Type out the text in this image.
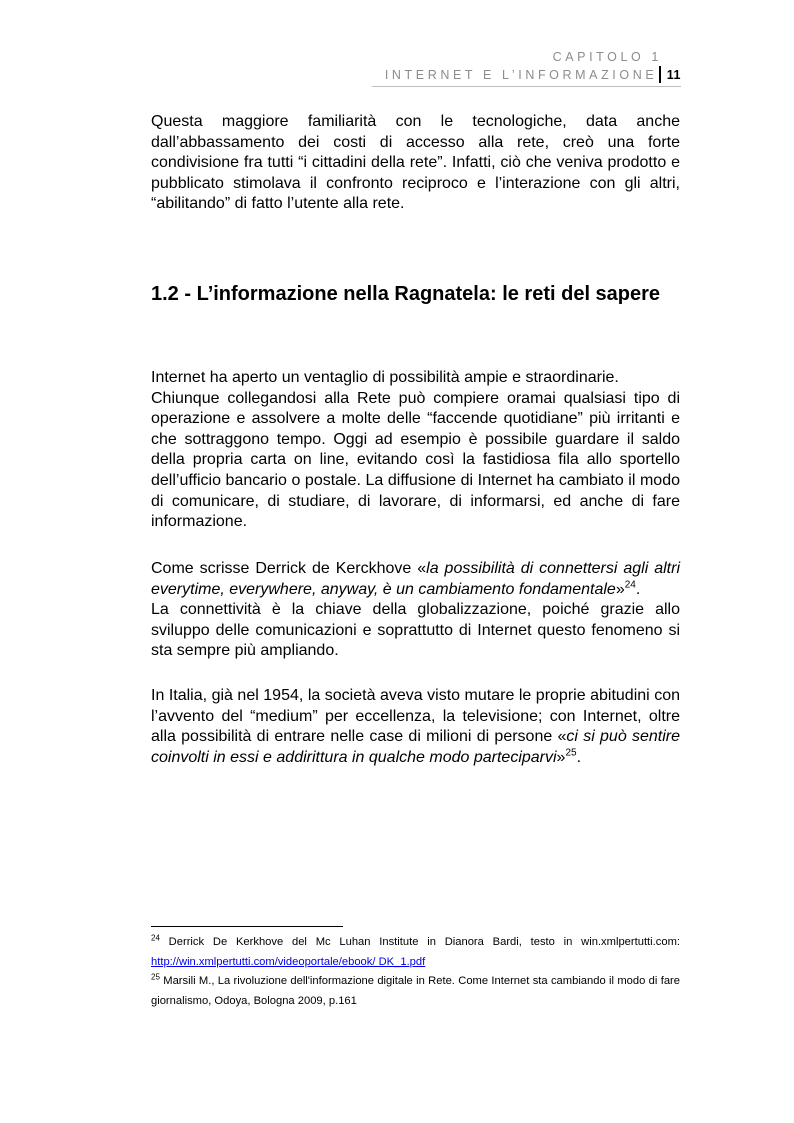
CAPITOLO 1
INTERNET E L’INFORMAZIONE 11

Questa maggiore familiarità con le tecnologiche, data anche dall’abbassamento dei costi di accesso alla rete, creò una forte condivisione fra tutti “i cittadini della rete”. Infatti, ciò che veniva prodotto e pubblicato stimolava il confronto reciproco e l’interazione con gli altri, “abilitando” di fatto l’utente alla rete.

1.2 - L’informazione nella Ragnatela: le reti del sapere

Internet ha aperto un ventaglio di possibilità ampie e straordinarie.
Chiunque collegandosi alla Rete può compiere oramai qualsiasi tipo di operazione e assolvere a molte delle “faccende quotidiane” più irritanti e che sottraggono tempo. Oggi ad esempio è possibile guardare il saldo della propria carta on line, evitando così la fastidiosa fila allo sportello dell’ufficio bancario o postale. La diffusione di Internet ha cambiato il modo di comunicare, di studiare, di lavorare, di informarsi, ed anche di fare informazione.

Come scrisse Derrick de Kerckhove «la possibilità di connettersi agli altri everytime, everywhere, anyway, è un cambiamento fondamentale»$^{24}$.
La connettività è la chiave della globalizzazione, poiché grazie allo sviluppo delle comunicazioni e soprattutto di Internet questo fenomeno si sta sempre più ampliando.

In Italia, già nel 1954, la società aveva visto mutare le proprie abitudini con l’avvento del “medium” per eccellenza, la televisione; con Internet, oltre alla possibilità di entrare nelle case di milioni di persone «ci si può sentire coinvolti in essi e addirittura in qualche modo parteciparvi»$^{25}$.

$^{24}$ Derrick De Kerkhove del Mc Luhan Institute in Dianora Bardi, testo in win.xmlpertutti.com: http://win.xmlpertutti.com/videoportale/ebook/ DK_1.pdf
$^{25}$ Marsili M., La rivoluzione dell'informazione digitale in Rete. Come Internet sta cambiando il modo di fare giornalismo, Odoya, Bologna 2009, p.161
